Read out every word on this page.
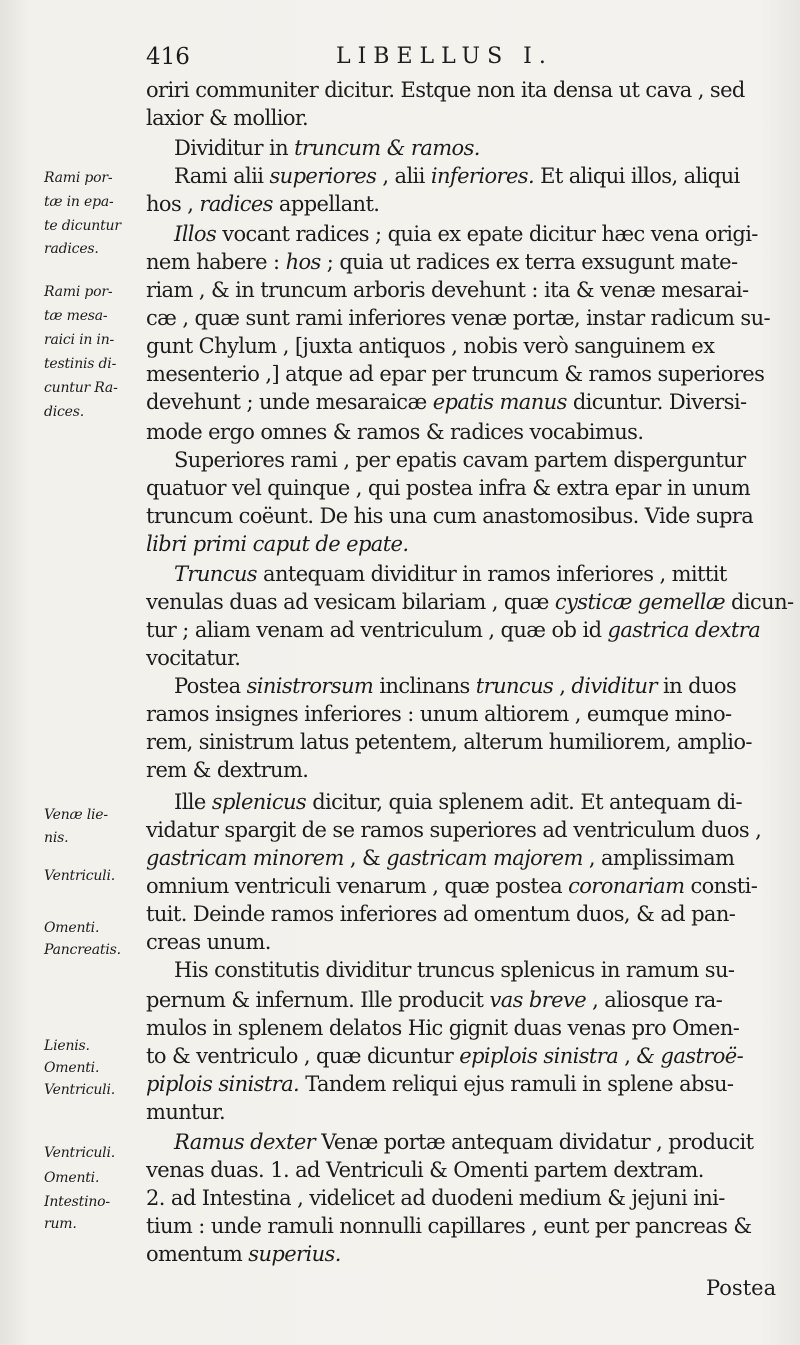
416	LIBELLUS I.
oriri communiter dicitur. Estque non ita densa ut cava , sed
laxior & mollior.
Dividitur in truncum & ramos.
Rami alii superiores , alii inferiores. Et aliqui illos, aliqui
hos , radices appellant.
Illos vocant radices ; quia ex epate dicitur hæc vena origi-
nem habere : hos ; quia ut radices ex terra exsugunt mate-
riam , & in truncum arboris devehunt : ita & venæ mesarai-
cæ , quæ sunt rami inferiores venæ portæ, instar radicum su-
gunt Chylum , [juxta antiquos , nobis verò sanguinem ex
mesenterio ,] atque ad epar per truncum & ramos superiores
devehunt ; unde mesaraicæ epatis manus dicuntur. Diversi-
mode ergo omnes & ramos & radices vocabimus.
Superiores rami , per epatis cavam partem disperguntur
quatuor vel quinque , qui postea infra & extra epar in unum
truncum coëunt. De his una cum anastomosibus. Vide supra
libri primi caput de epate.
Truncus antequam dividitur in ramos inferiores , mittit
venulas duas ad vesicam bilariam , quæ cysticæ gemellæ dicun-
tur ; aliam venam ad ventriculum , quæ ob id gastrica dextra
vocitatur.
Postea sinistrorsum inclinans truncus , dividitur in duos
ramos insignes inferiores : unum altiorem , eumque mino-
rem, sinistrum latus petentem, alterum humiliorem, amplio-
rem & dextrum.
Ille splenicus dicitur, quia splenem adit. Et antequam di-
vidatur spargit de se ramos superiores ad ventriculum duos ,
gastricam minorem , & gastricam majorem , amplissimam
omnium ventriculi venarum , quæ postea coronariam consti-
tuit. Deinde ramos inferiores ad omentum duos, & ad pan-
creas unum.
His constitutis dividitur truncus splenicus in ramum su-
pernum & infernum. Ille producit vas breve , aliosque ra-
mulos in splenem delatos Hic gignit duas venas pro Omen-
to & ventriculo , quæ dicuntur epiplois sinistra , & gastroë-
piplois sinistra. Tandem reliqui ejus ramuli in splene absu-
muntur.
Ramus dexter Venæ portæ antequam dividatur , producit
venas duas. 1. ad Ventriculi & Omenti partem dextram.
2. ad Intestina , videlicet ad duodeni medium & jejuni ini-
tium : unde ramuli nonnulli capillares , eunt per pancreas &
omentum superius.
Rami por-
tæ in epa-
te dicuntur
radices.
Rami por-
tæ mesa-
raici in in-
testinis di-
cuntur Ra-
dices.
Venæ lie-
nis.
Ventriculi.
Omenti.
Pancreatis.
Lienis.
Omenti.
Ventriculi.
Ventriculi.
Omenti.
Intestino-
rum.
Postea
